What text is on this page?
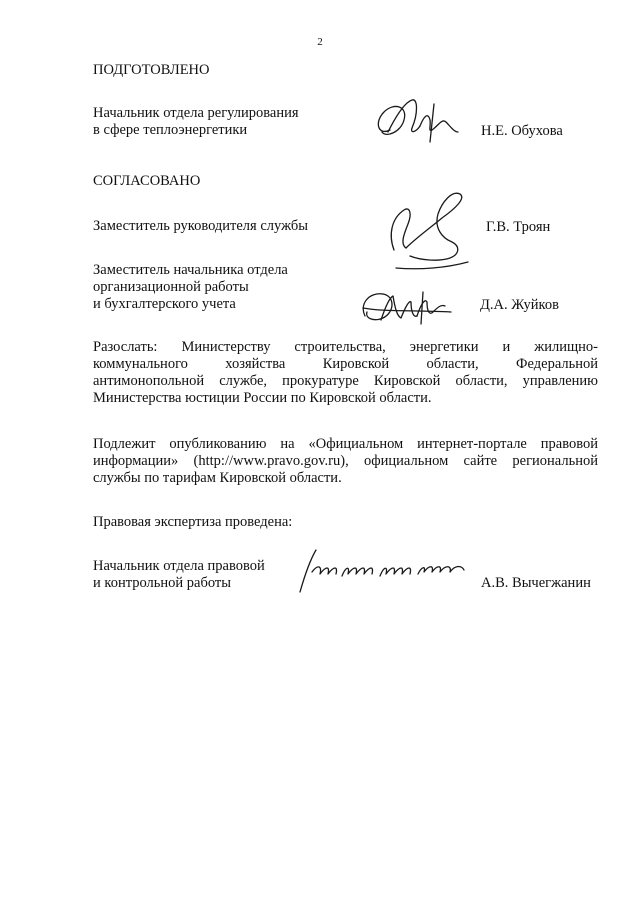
2
ПОДГОТОВЛЕНО
Начальник отдела регулирования
в сфере теплоэнергетики	Н.Е. Обухова
СОГЛАСОВАНО
Заместитель руководителя службы	Г.В. Троян
Заместитель начальника отдела
организационной работы
и бухгалтерского учета	Д.А. Жуйков
Разослать: Министерству строительства, энергетики и жилищно-
коммунального хозяйства Кировской области, Федеральной
антимонопольной службе, прокуратуре Кировской области, управлению
Министерства юстиции России по Кировской области.
Подлежит опубликованию на «Официальном интернет-портале правовой
информации» (http://www.pravo.gov.ru), официальном сайте региональной
службы по тарифам Кировской области.
Правовая экспертиза проведена:
Начальник отдела правовой
и контрольной работы	А.В. Вычегжанин
